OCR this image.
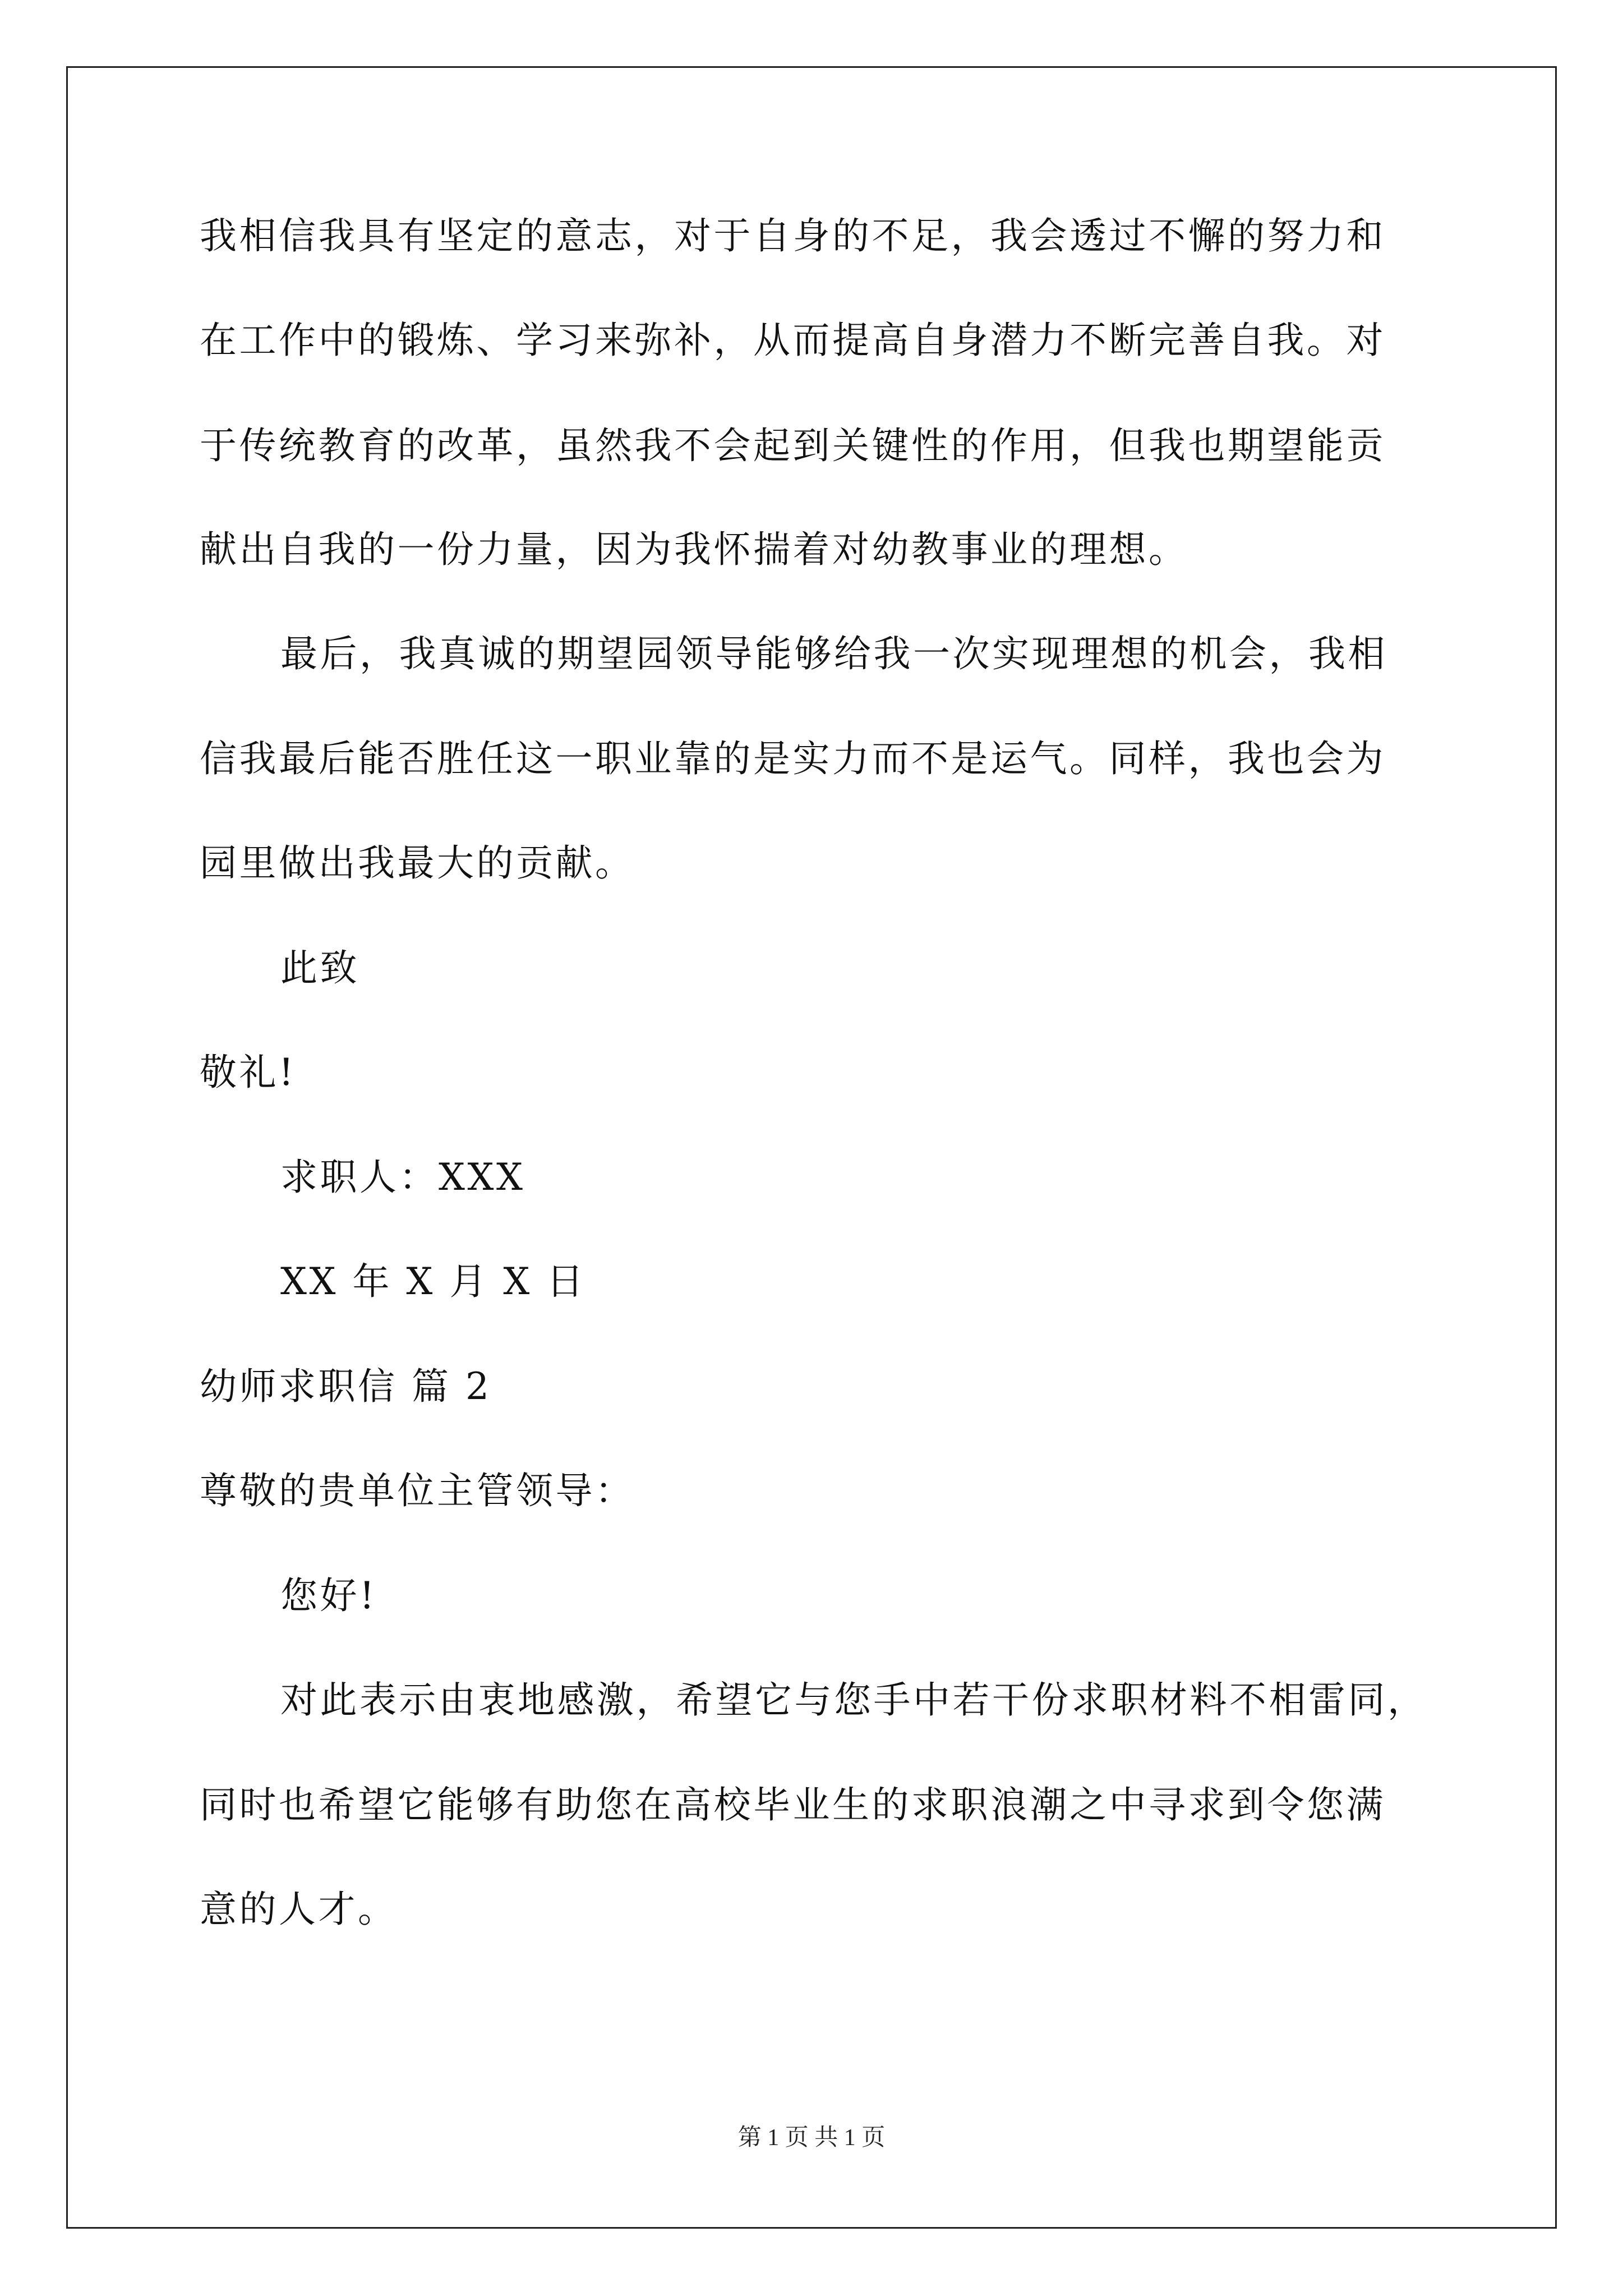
我相信我具有坚定的意志，对于自身的不足，我会透过不懈的努力和
在工作中的锻炼、学习来弥补，从而提高自身潜力不断完善自我。对
于传统教育的改革，虽然我不会起到关键性的作用，但我也期望能贡
献出自我的一份力量，因为我怀揣着对幼教事业的理想。
最后，我真诚的期望园领导能够给我一次实现理想的机会，我相
信我最后能否胜任这一职业靠的是实力而不是运气。同样，我也会为
园里做出我最大的贡献。
此致
敬礼!
求职人：XXX
XX 年 X 月 X 日
幼师求职信 篇 2
尊敬的贵单位主管领导：
您好!
对此表示由衷地感激，希望它与您手中若干份求职材料不相雷同，
同时也希望它能够有助您在高校毕业生的求职浪潮之中寻求到令您满
意的人才。
第 1 页 共 1 页
